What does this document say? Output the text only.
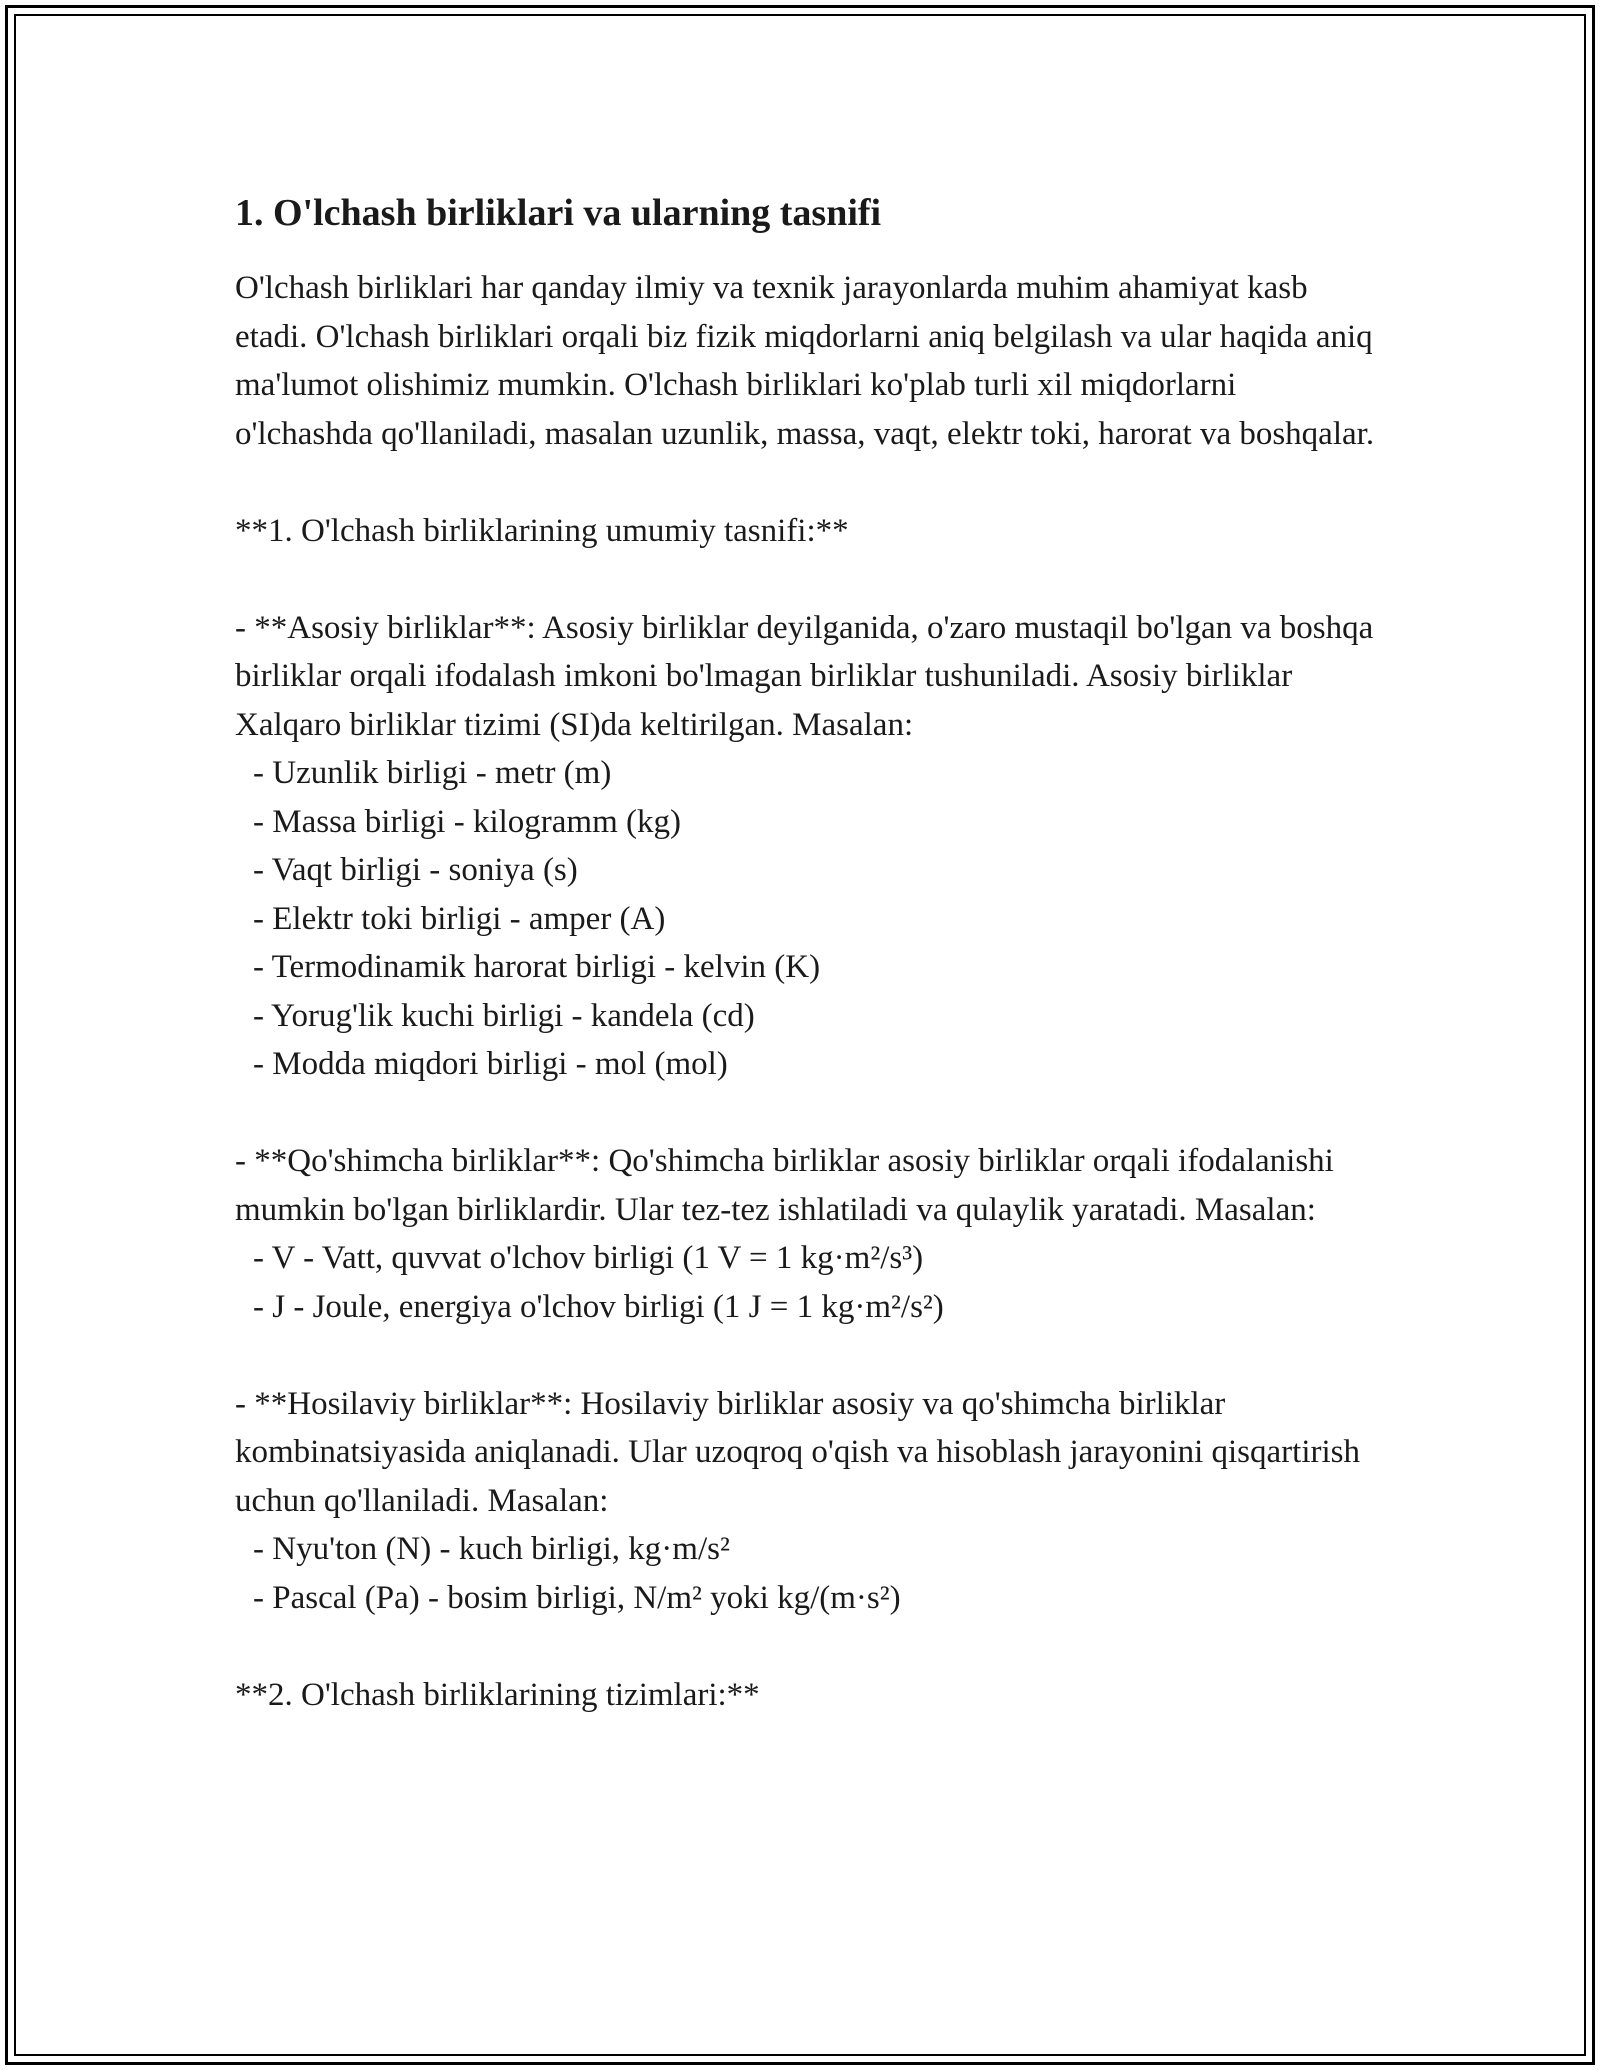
1. O'lchash birliklari va ularning tasnifi

O'lchash birliklari har qanday ilmiy va texnik jarayonlarda muhim ahamiyat kasb etadi. O'lchash birliklari orqali biz fizik miqdorlarni aniq belgilash va ular haqida aniq ma'lumot olishimiz mumkin. O'lchash birliklari ko'plab turli xil miqdorlarni o'lchashda qo'llaniladi, masalan uzunlik, massa, vaqt, elektr toki, harorat va boshqalar.

**1. O'lchash birliklarining umumiy tasnifi:**
- **Asosiy birliklar**: Asosiy birliklar deyilganida, o'zaro mustaqil bo'lgan va boshqa birliklar orqali ifodalash imkoni bo'lmagan birliklar tushuniladi. Asosiy birliklar Xalqaro birliklar tizimi (SI)da keltirilgan. Masalan:
- Uzunlik birligi - metr (m)
- Massa birligi - kilogramm (kg)
- Vaqt birligi - soniya (s)
- Elektr toki birligi - amper (A)
- Termodinamik harorat birligi - kelvin (K)
- Yorug'lik kuchi birligi - kandela (cd)
- Modda miqdori birligi - mol (mol)
- **Qo'shimcha birliklar**: Qo'shimcha birliklar asosiy birliklar orqali ifodalanishi mumkin bo'lgan birliklardir. Ular tez-tez ishlatiladi va qulaylik yaratadi. Masalan:
- V - Vatt, quvvat o'lchov birligi (1 V = 1 kg·m²/s³)
- J - Joule, energiya o'lchov birligi (1 J = 1 kg·m²/s²)
- **Hosilaviy birliklar**: Hosilaviy birliklar asosiy va qo'shimcha birliklar kombinatsiyasida aniqlanadi. Ular uzoqroq o'qish va hisoblash jarayonini qisqartirish uchun qo'llaniladi. Masalan:
- Nyu'ton (N) - kuch birligi, kg·m/s²
- Pascal (Pa) - bosim birligi, N/m² yoki kg/(m·s²)
**2. O'lchash birliklarining tizimlari:**
